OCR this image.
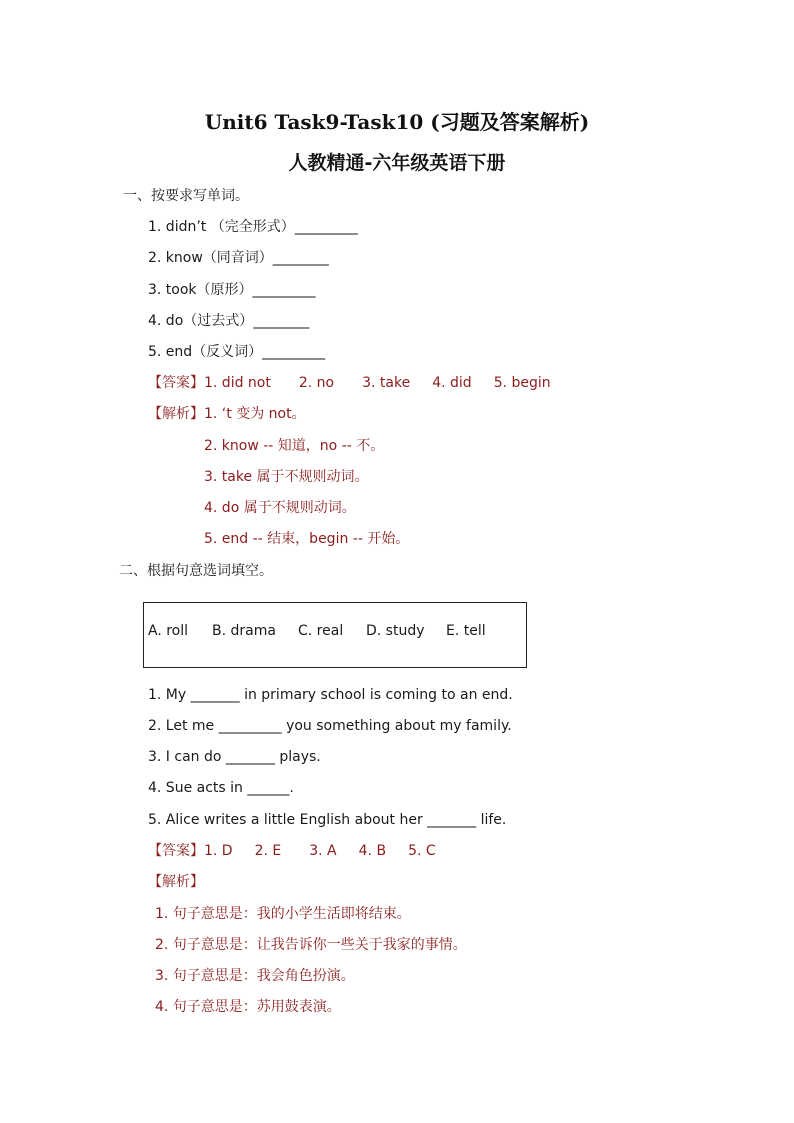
Unit6 Task9-Task10 (习题及答案解析)
人教精通-六年级英语下册
一、按要求写单词。
1. didn’t （完全形式）_________
2. know（同音词）________
3. took（原形）_________
4. do（过去式）________
5. end（反义词）_________
【答案】1. did not 2. no 3. take 4. did 5. begin
【解析】1. ‘t 变为 not。
2. know -- 知道，no -- 不。
3. take 属于不规则动词。
4. do 属于不规则动词。
5. end -- 结束，begin -- 开始。
二、根据句意选词填空。
A. roll B. drama C. real D. study E. tell
1. My _______ in primary school is coming to an end.
2. Let me _________ you something about my family.
3. I can do _______ plays.
4. Sue acts in ______.
5. Alice writes a little English about her _______ life.
【答案】1. D 2. E 3. A 4. B 5. C
【解析】
1. 句子意思是：我的小学生活即将结束。
2. 句子意思是：让我告诉你一些关于我家的事情。
3. 句子意思是：我会角色扮演。
4. 句子意思是：苏用鼓表演。
